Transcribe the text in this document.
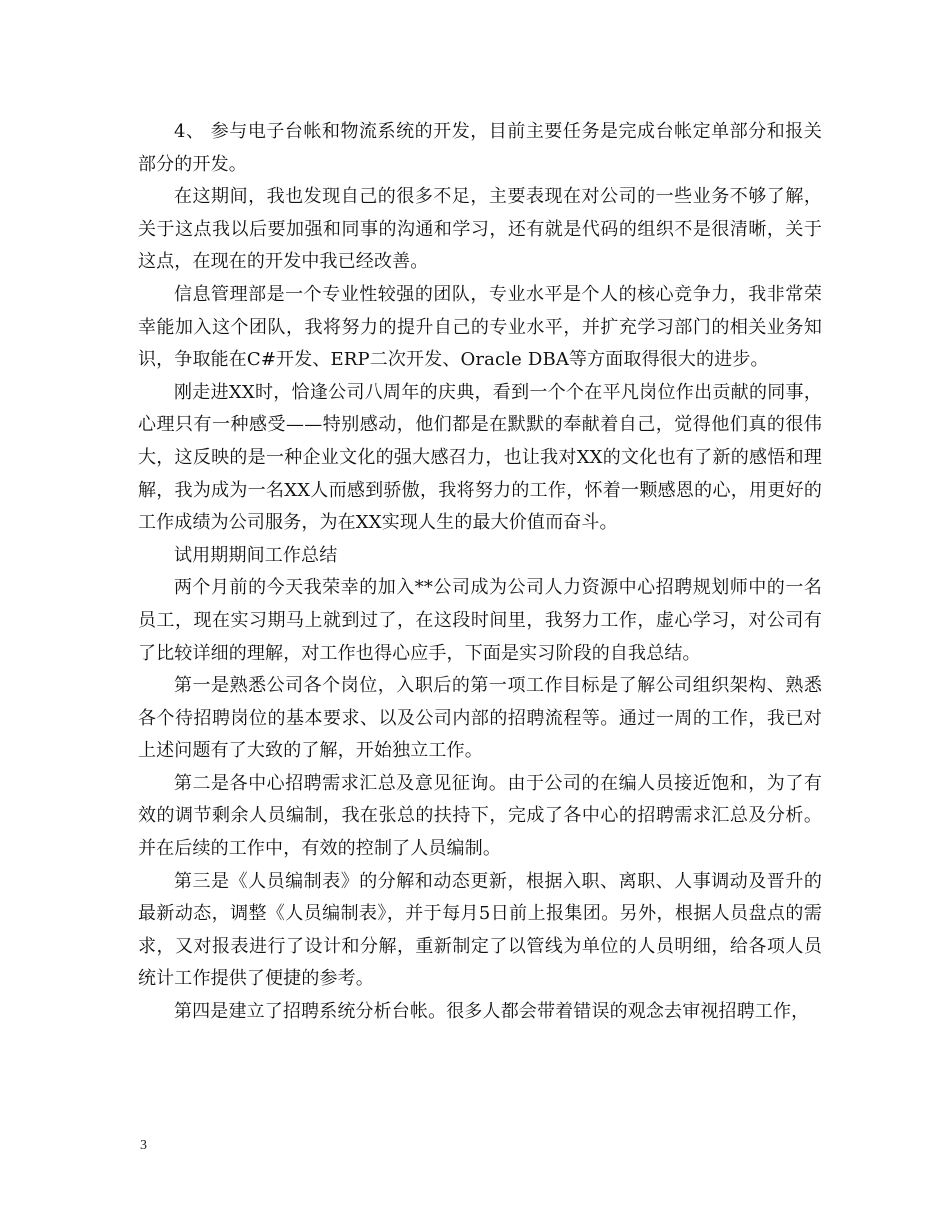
4、 参与电子台帐和物流系统的开发，目前主要任务是完成台帐定单部分和报关部分的开发。

在这期间，我也发现自己的很多不足，主要表现在对公司的一些业务不够了解，关于这点我以后要加强和同事的沟通和学习，还有就是代码的组织不是很清晰，关于这点，在现在的开发中我已经改善。

信息管理部是一个专业性较强的团队，专业水平是个人的核心竞争力，我非常荣幸能加入这个团队，我将努力的提升自己的专业水平，并扩充学习部门的相关业务知识，争取能在C#开发、ERP二次开发、Oracle DBA等方面取得很大的进步。

刚走进XX时，恰逢公司八周年的庆典，看到一个个在平凡岗位作出贡献的同事，心理只有一种感受——特别感动，他们都是在默默的奉献着自己，觉得他们真的很伟大，这反映的是一种企业文化的强大感召力，也让我对XX的文化也有了新的感悟和理解，我为成为一名XX人而感到骄傲，我将努力的工作，怀着一颗感恩的心，用更好的工作成绩为公司服务，为在XX实现人生的最大价值而奋斗。

试用期期间工作总结

两个月前的今天我荣幸的加入**公司成为公司人力资源中心招聘规划师中的一名员工，现在实习期马上就到过了，在这段时间里，我努力工作，虚心学习，对公司有了比较详细的理解，对工作也得心应手，下面是实习阶段的自我总结。

第一是熟悉公司各个岗位，入职后的第一项工作目标是了解公司组织架构、熟悉各个待招聘岗位的基本要求、以及公司内部的招聘流程等。通过一周的工作，我已对上述问题有了大致的了解，开始独立工作。

第二是各中心招聘需求汇总及意见征询。由于公司的在编人员接近饱和，为了有效的调节剩余人员编制，我在张总的扶持下，完成了各中心的招聘需求汇总及分析。并在后续的工作中，有效的控制了人员编制。

第三是《人员编制表》的分解和动态更新，根据入职、离职、人事调动及晋升的最新动态，调整《人员编制表》，并于每月5日前上报集团。另外，根据人员盘点的需求，又对报表进行了设计和分解，重新制定了以管线为单位的人员明细，给各项人员统计工作提供了便捷的参考。

第四是建立了招聘系统分析台帐。很多人都会带着错误的观念去审视招聘工作，

3
